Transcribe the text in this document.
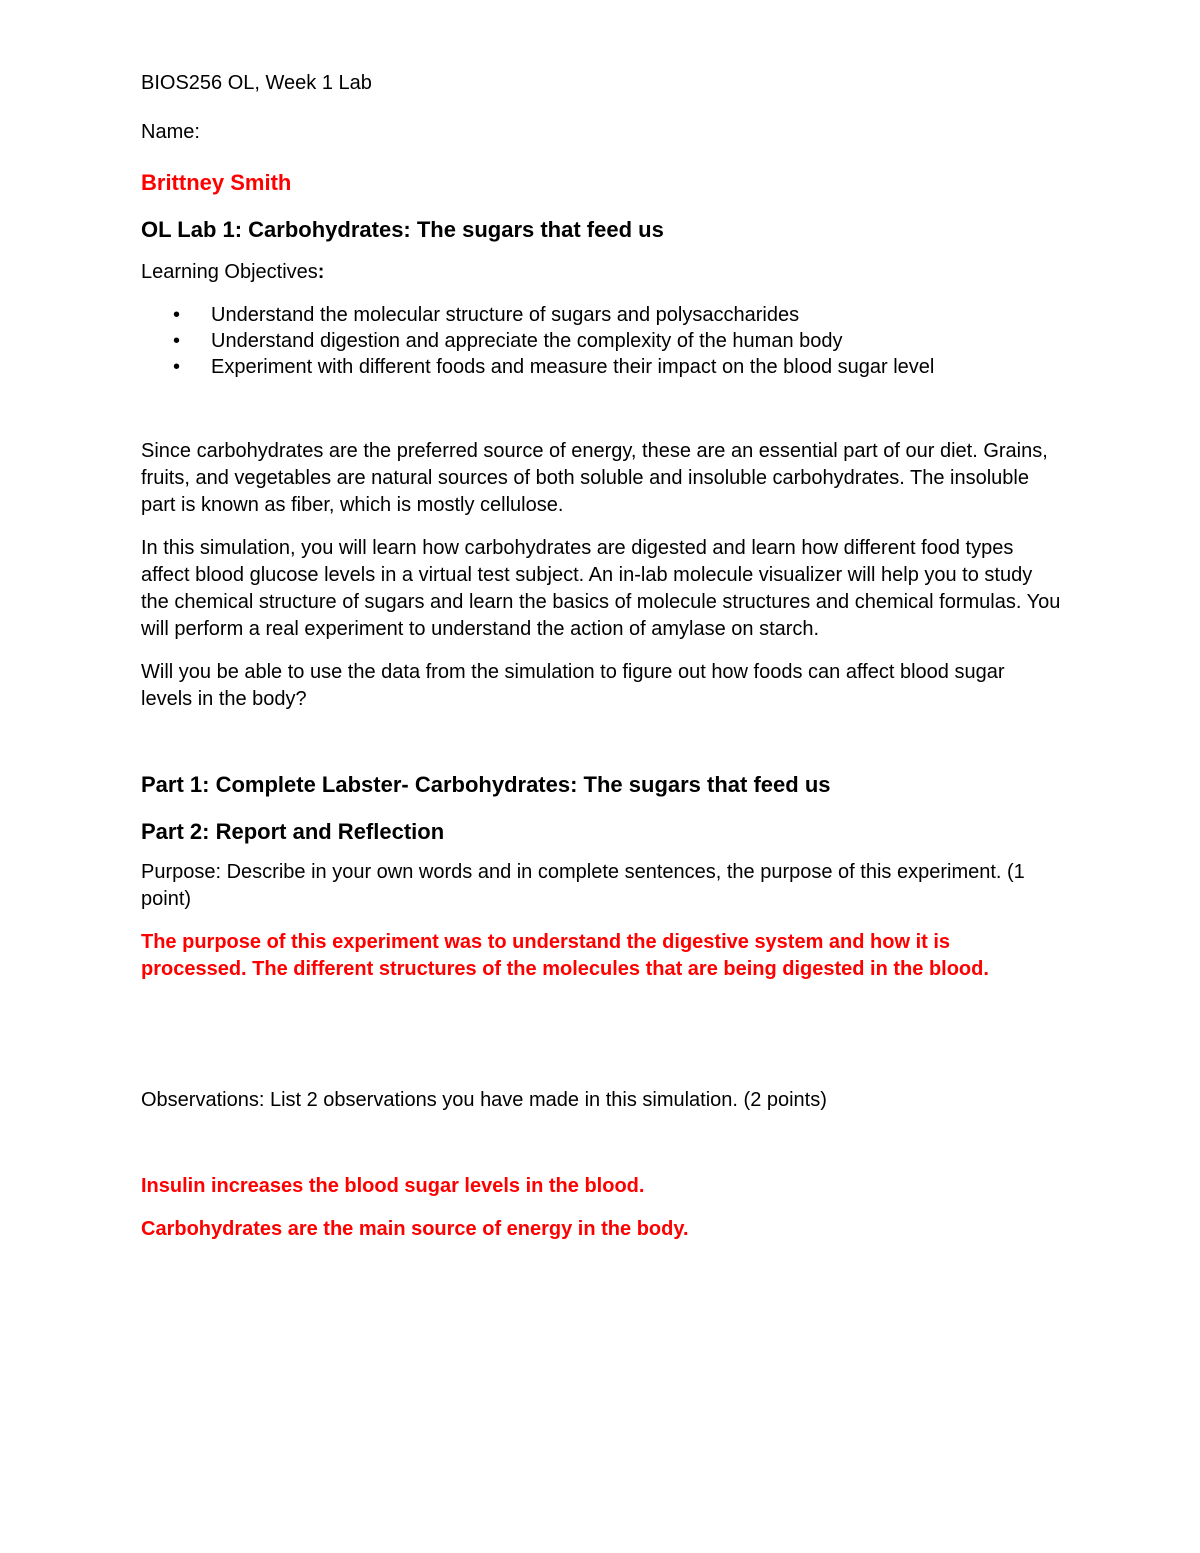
BIOS256 OL, Week 1 Lab

Name:

Brittney Smith

OL Lab 1: Carbohydrates: The sugars that feed us

Learning Objectives:

• Understand the molecular structure of sugars and polysaccharides
• Understand digestion and appreciate the complexity of the human body
• Experiment with different foods and measure their impact on the blood sugar level

Since carbohydrates are the preferred source of energy, these are an essential part of our diet. Grains, fruits, and vegetables are natural sources of both soluble and insoluble carbohydrates. The insoluble part is known as fiber, which is mostly cellulose.

In this simulation, you will learn how carbohydrates are digested and learn how different food types affect blood glucose levels in a virtual test subject. An in-lab molecule visualizer will help you to study the chemical structure of sugars and learn the basics of molecule structures and chemical formulas. You will perform a real experiment to understand the action of amylase on starch.

Will you be able to use the data from the simulation to figure out how foods can affect blood sugar levels in the body?

Part 1: Complete Labster- Carbohydrates: The sugars that feed us

Part 2: Report and Reflection

Purpose: Describe in your own words and in complete sentences, the purpose of this experiment. (1 point)

The purpose of this experiment was to understand the digestive system and how it is processed. The different structures of the molecules that are being digested in the blood.

Observations: List 2 observations you have made in this simulation. (2 points)

Insulin increases the blood sugar levels in the blood.

Carbohydrates are the main source of energy in the body.
